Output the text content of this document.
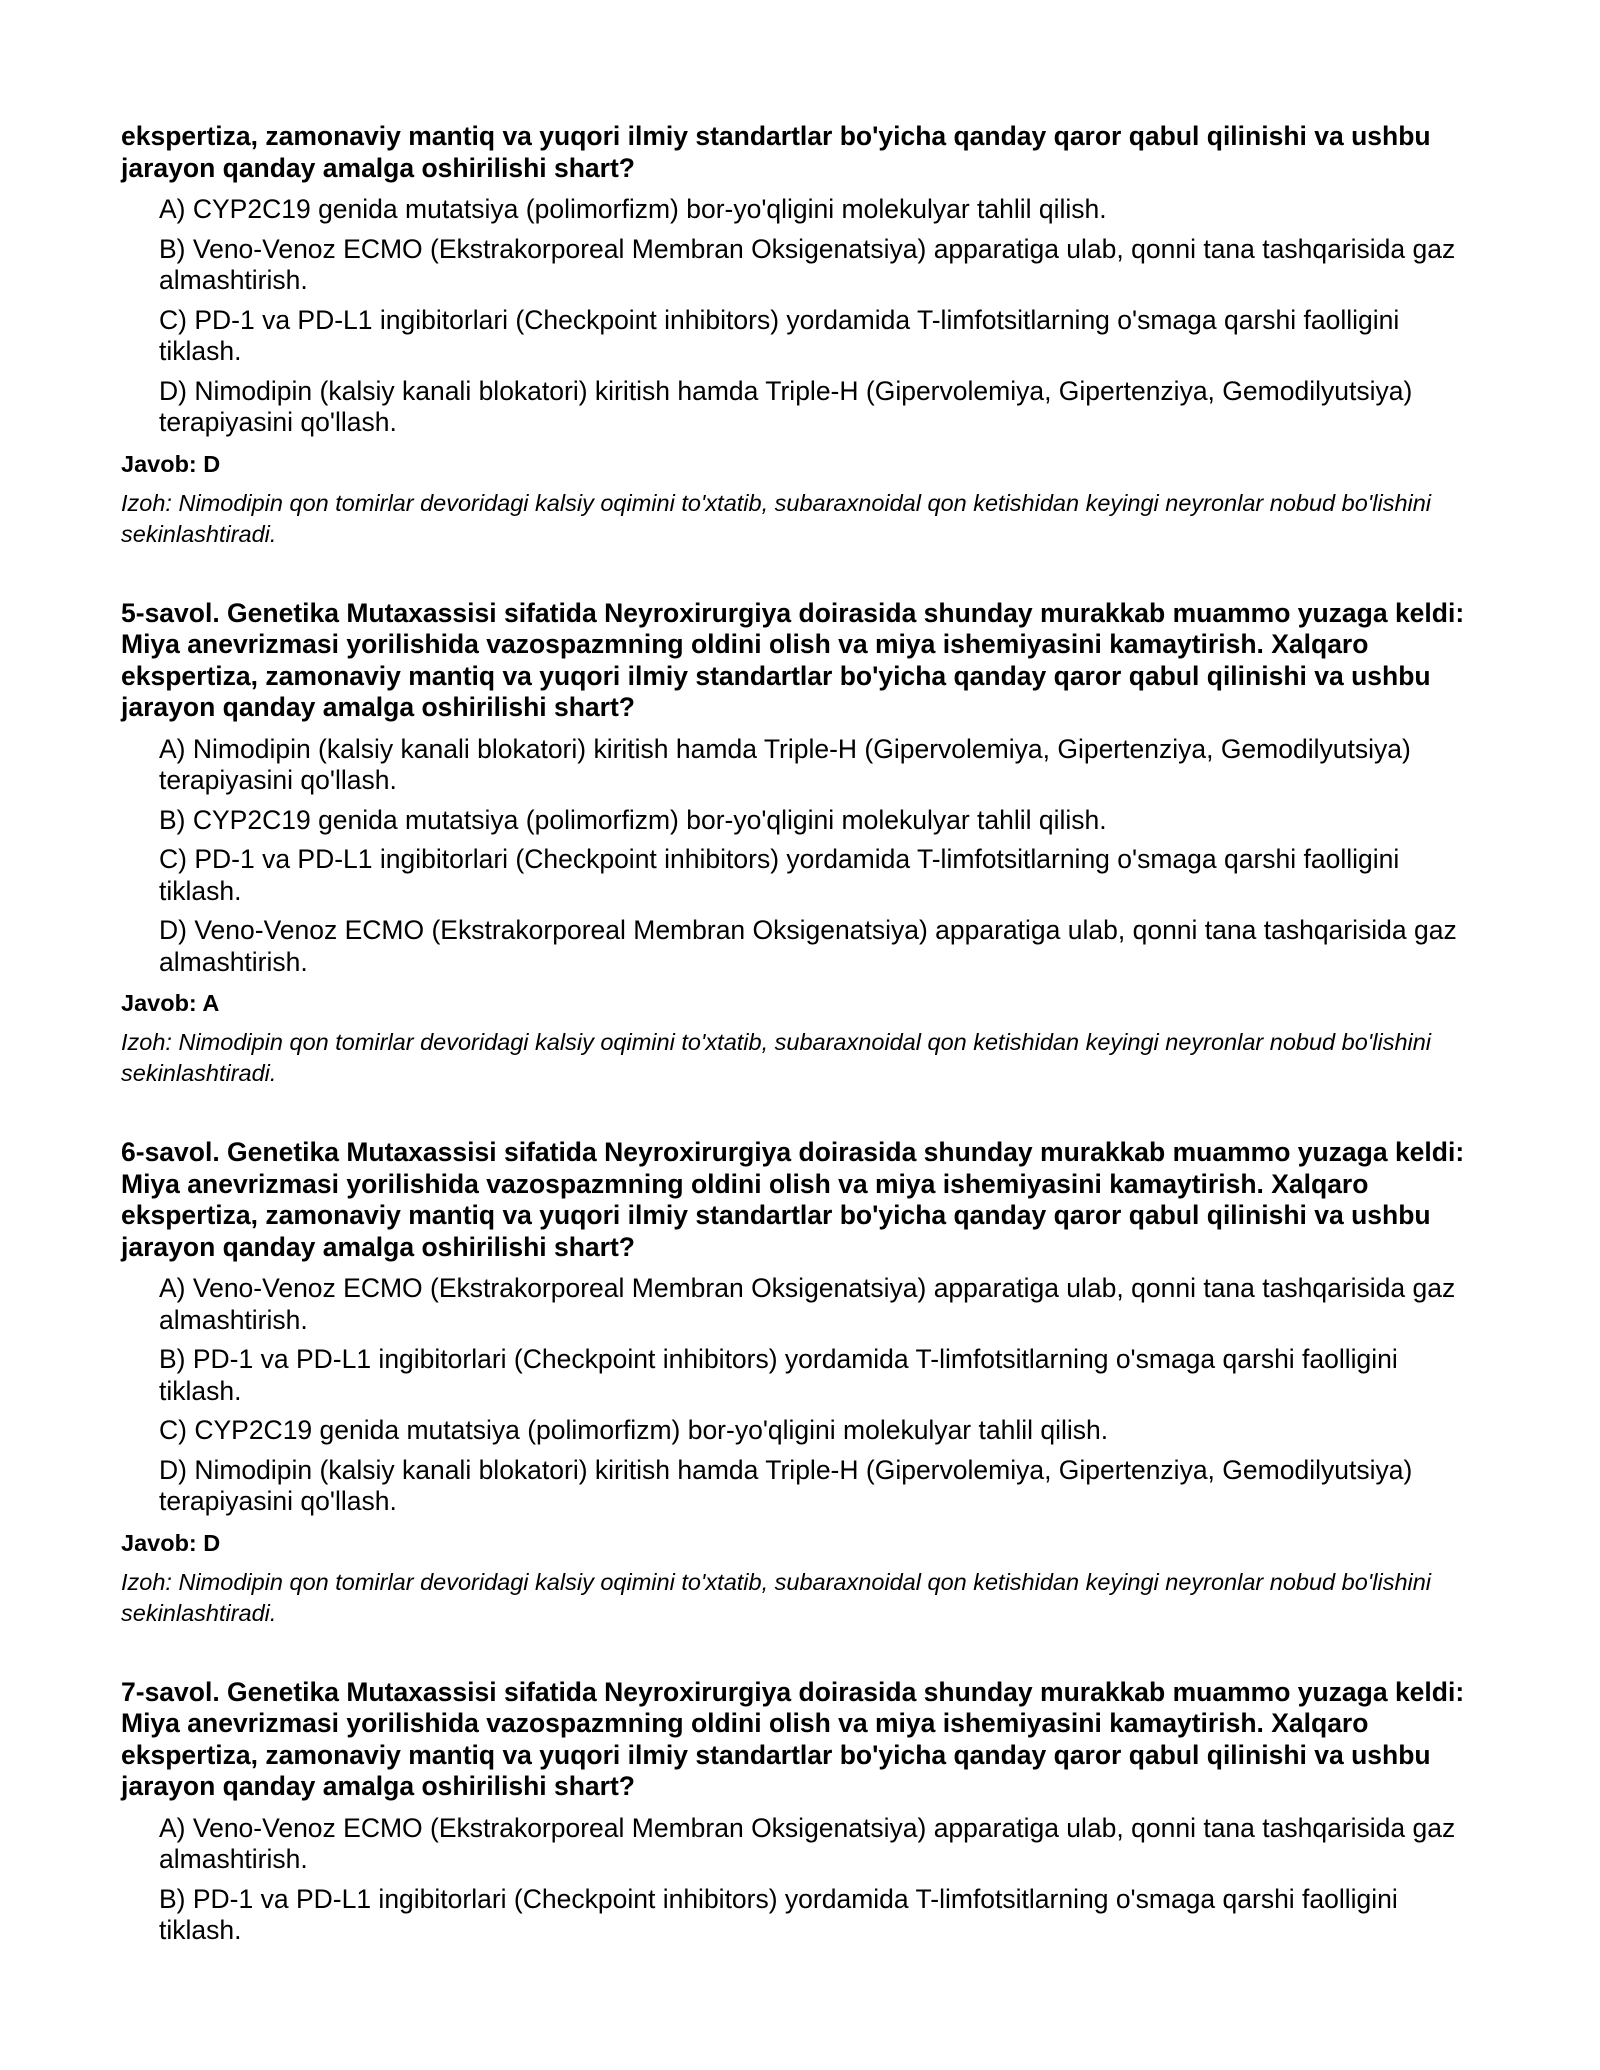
ekspertiza, zamonaviy mantiq va yuqori ilmiy standartlar bo'yicha qanday qaror qabul qilinishi va ushbu jarayon qanday amalga oshirilishi shart?

A) CYP2C19 genida mutatsiya (polimorfizm) bor-yo'qligini molekulyar tahlil qilish.
B) Veno-Venoz ECMO (Ekstrakorporeal Membran Oksigenatsiya) apparatiga ulab, qonni tana tashqarisida gaz almashtirish.
C) PD-1 va PD-L1 ingibitorlari (Checkpoint inhibitors) yordamida T-limfotsitlarning o'smaga qarshi faolligini tiklash.
D) Nimodipin (kalsiy kanali blokatori) kiritish hamda Triple-H (Gipervolemiya, Gipertenziya, Gemodilyutsiya) terapiyasini qo'llash.

Javob: D

Izoh: Nimodipin qon tomirlar devoridagi kalsiy oqimini to'xtatib, subaraxnoidal qon ketishidan keyingi neyronlar nobud bo'lishini sekinlashtiradi.

5-savol. Genetika Mutaxassisi sifatida Neyroxirurgiya doirasida shunday murakkab muammo yuzaga keldi: Miya anevrizmasi yorilishida vazospazmning oldini olish va miya ishemiyasini kamaytirish. Xalqaro ekspertiza, zamonaviy mantiq va yuqori ilmiy standartlar bo'yicha qanday qaror qabul qilinishi va ushbu jarayon qanday amalga oshirilishi shart?

A) Nimodipin (kalsiy kanali blokatori) kiritish hamda Triple-H (Gipervolemiya, Gipertenziya, Gemodilyutsiya) terapiyasini qo'llash.
B) CYP2C19 genida mutatsiya (polimorfizm) bor-yo'qligini molekulyar tahlil qilish.
C) PD-1 va PD-L1 ingibitorlari (Checkpoint inhibitors) yordamida T-limfotsitlarning o'smaga qarshi faolligini tiklash.
D) Veno-Venoz ECMO (Ekstrakorporeal Membran Oksigenatsiya) apparatiga ulab, qonni tana tashqarisida gaz almashtirish.

Javob: A

Izoh: Nimodipin qon tomirlar devoridagi kalsiy oqimini to'xtatib, subaraxnoidal qon ketishidan keyingi neyronlar nobud bo'lishini sekinlashtiradi.

6-savol. Genetika Mutaxassisi sifatida Neyroxirurgiya doirasida shunday murakkab muammo yuzaga keldi: Miya anevrizmasi yorilishida vazospazmning oldini olish va miya ishemiyasini kamaytirish. Xalqaro ekspertiza, zamonaviy mantiq va yuqori ilmiy standartlar bo'yicha qanday qaror qabul qilinishi va ushbu jarayon qanday amalga oshirilishi shart?

A) Veno-Venoz ECMO (Ekstrakorporeal Membran Oksigenatsiya) apparatiga ulab, qonni tana tashqarisida gaz almashtirish.
B) PD-1 va PD-L1 ingibitorlari (Checkpoint inhibitors) yordamida T-limfotsitlarning o'smaga qarshi faolligini tiklash.
C) CYP2C19 genida mutatsiya (polimorfizm) bor-yo'qligini molekulyar tahlil qilish.
D) Nimodipin (kalsiy kanali blokatori) kiritish hamda Triple-H (Gipervolemiya, Gipertenziya, Gemodilyutsiya) terapiyasini qo'llash.

Javob: D

Izoh: Nimodipin qon tomirlar devoridagi kalsiy oqimini to'xtatib, subaraxnoidal qon ketishidan keyingi neyronlar nobud bo'lishini sekinlashtiradi.

7-savol. Genetika Mutaxassisi sifatida Neyroxirurgiya doirasida shunday murakkab muammo yuzaga keldi: Miya anevrizmasi yorilishida vazospazmning oldini olish va miya ishemiyasini kamaytirish. Xalqaro ekspertiza, zamonaviy mantiq va yuqori ilmiy standartlar bo'yicha qanday qaror qabul qilinishi va ushbu jarayon qanday amalga oshirilishi shart?

A) Veno-Venoz ECMO (Ekstrakorporeal Membran Oksigenatsiya) apparatiga ulab, qonni tana tashqarisida gaz almashtirish.
B) PD-1 va PD-L1 ingibitorlari (Checkpoint inhibitors) yordamida T-limfotsitlarning o'smaga qarshi faolligini tiklash.
